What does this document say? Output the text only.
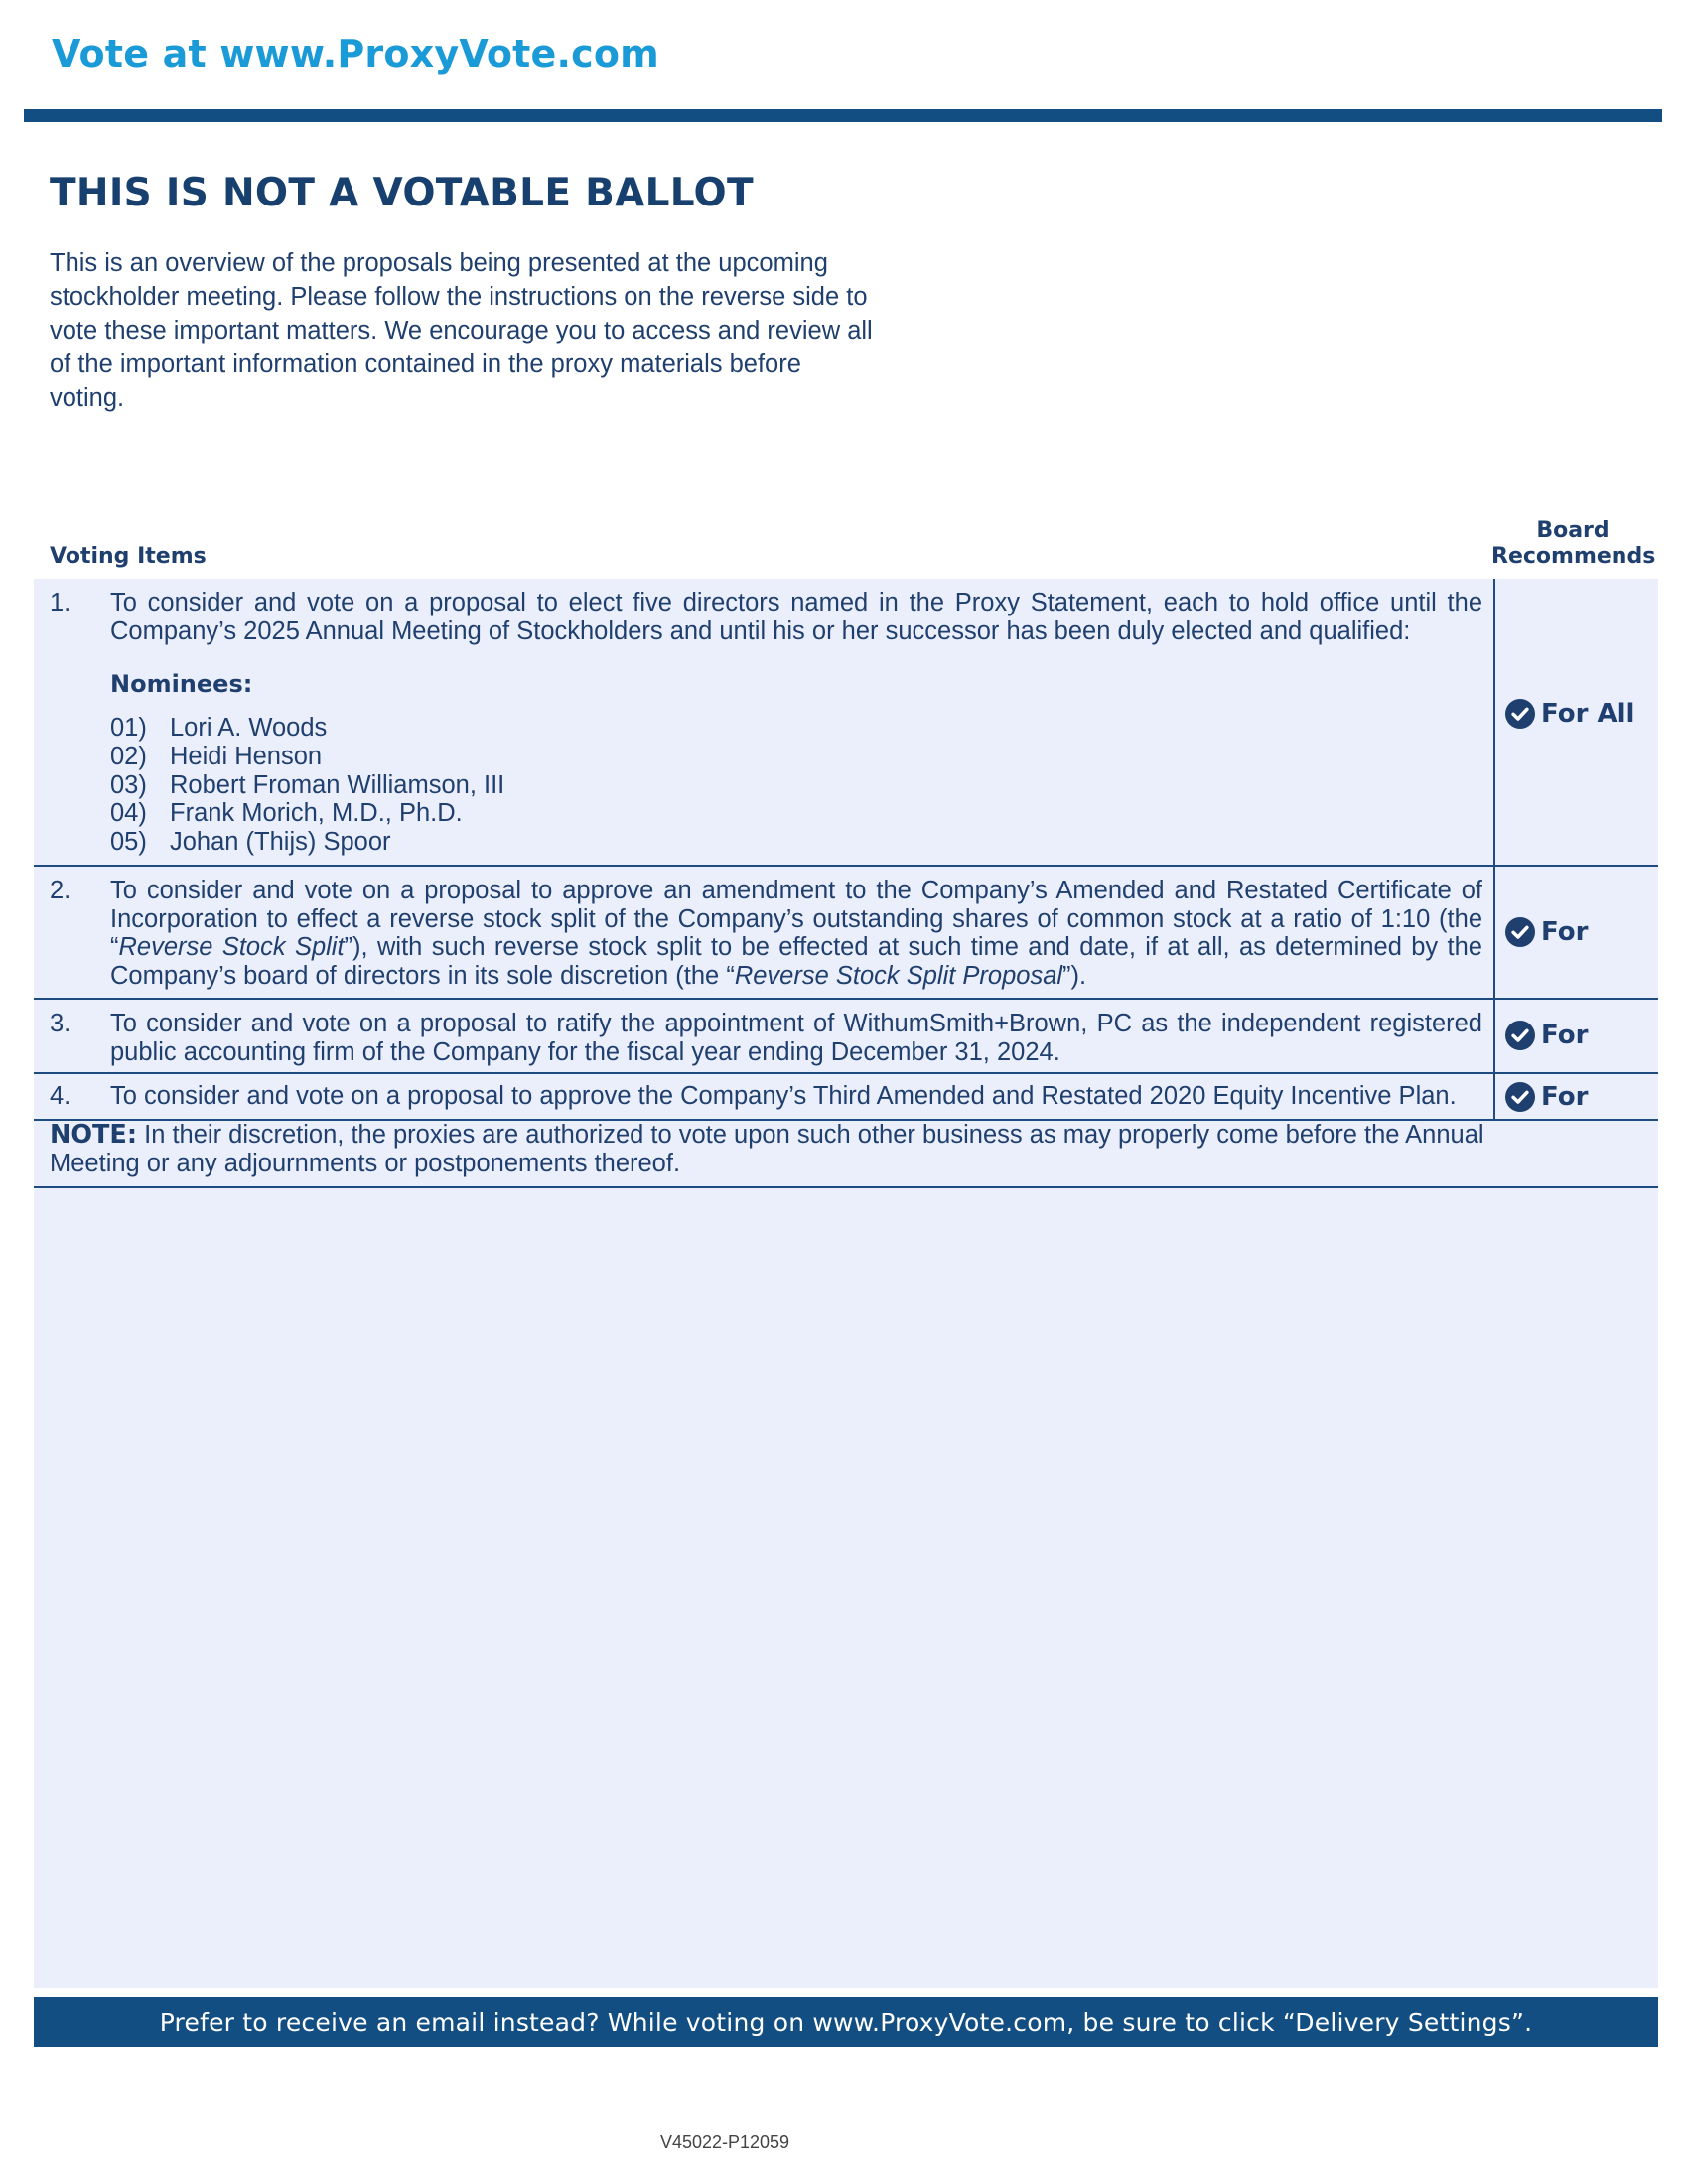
Vote at www.ProxyVote.com
THIS IS NOT A VOTABLE BALLOT

This is an overview of the proposals being presented at the upcoming stockholder meeting. Please follow the instructions on the reverse side to vote these important matters. We encourage you to access and review all of the important information contained in the proxy materials before voting.

Voting Items
Board
Recommends
1. To consider and vote on a proposal to elect five directors named in the Proxy Statement, each to hold office until the Company’s 2025 Annual Meeting of Stockholders and until his or her successor has been duly elected and qualified:
Nominees:
01) Lori A. Woods
02) Heidi Henson
03) Robert Froman Williamson, III
04) Frank Morich, M.D., Ph.D.
05) Johan (Thijs) Spoor
For All
2. To consider and vote on a proposal to approve an amendment to the Company’s Amended and Restated Certificate of Incorporation to effect a reverse stock split of the Company’s outstanding shares of common stock at a ratio of 1:10 (the “Reverse Stock Split”), with such reverse stock split to be effected at such time and date, if at all, as determined by the Company’s board of directors in its sole discretion (the “Reverse Stock Split Proposal”).
For
3. To consider and vote on a proposal to ratify the appointment of WithumSmith+Brown, PC as the independent registered public accounting firm of the Company for the fiscal year ending December 31, 2024.
For
4. To consider and vote on a proposal to approve the Company’s Third Amended and Restated 2020 Equity Incentive Plan.	For
NOTE: In their discretion, the proxies are authorized to vote upon such other business as may properly come before the Annual Meeting or any adjournments or postponements thereof.
Prefer to receive an email instead? While voting on www.ProxyVote.com, be sure to click “Delivery Settings”.
V45022-P12059
